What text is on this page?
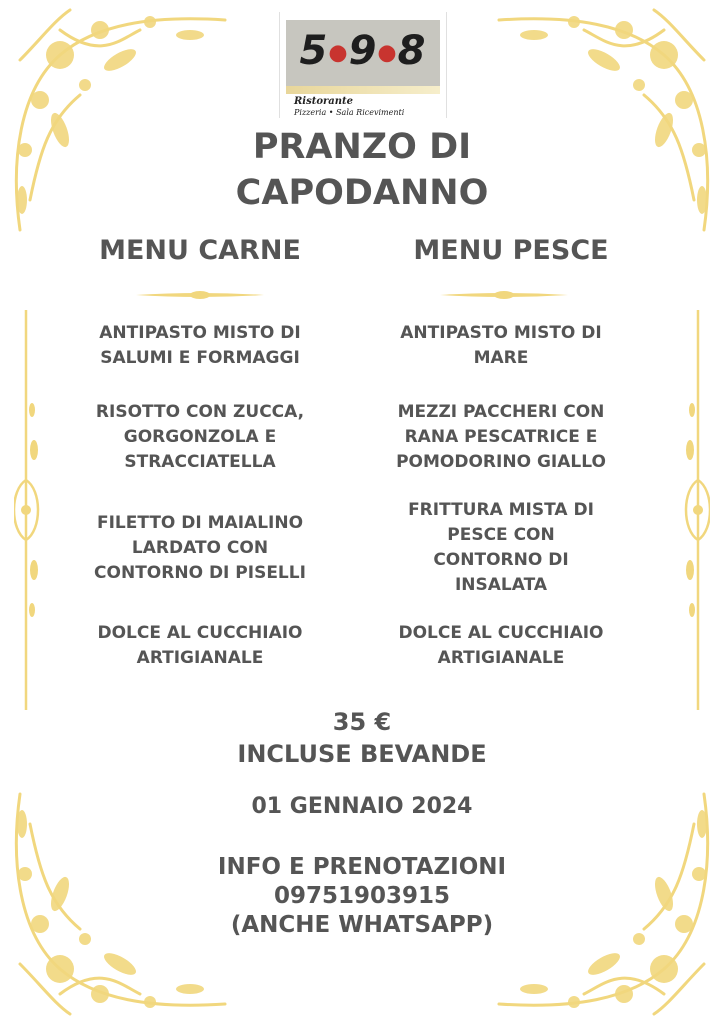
5●9●8
Ristorante
Pizzeria • Sala Ricevimenti
PRANZO DI
CAPODANNO
MENU CARNE	MENU PESCE
ANTIPASTO MISTO DI
SALUMI E FORMAGGI
RISOTTO CON ZUCCA,
GORGONZOLA E
STRACCIATELLA
FILETTO DI MAIALINO
LARDATO CON
CONTORNO DI PISELLI
DOLCE AL CUCCHIAIO
ARTIGIANALE
ANTIPASTO MISTO DI
MARE
MEZZI PACCHERI CON
RANA PESCATRICE E
POMODORINO GIALLO
FRITTURA MISTA DI
PESCE CON
CONTORNO DI
INSALATA
DOLCE AL CUCCHIAIO
ARTIGIANALE
35 €
INCLUSE BEVANDE
01 GENNAIO 2024
INFO E PRENOTAZIONI
09751903915
(ANCHE WHATSAPP)
